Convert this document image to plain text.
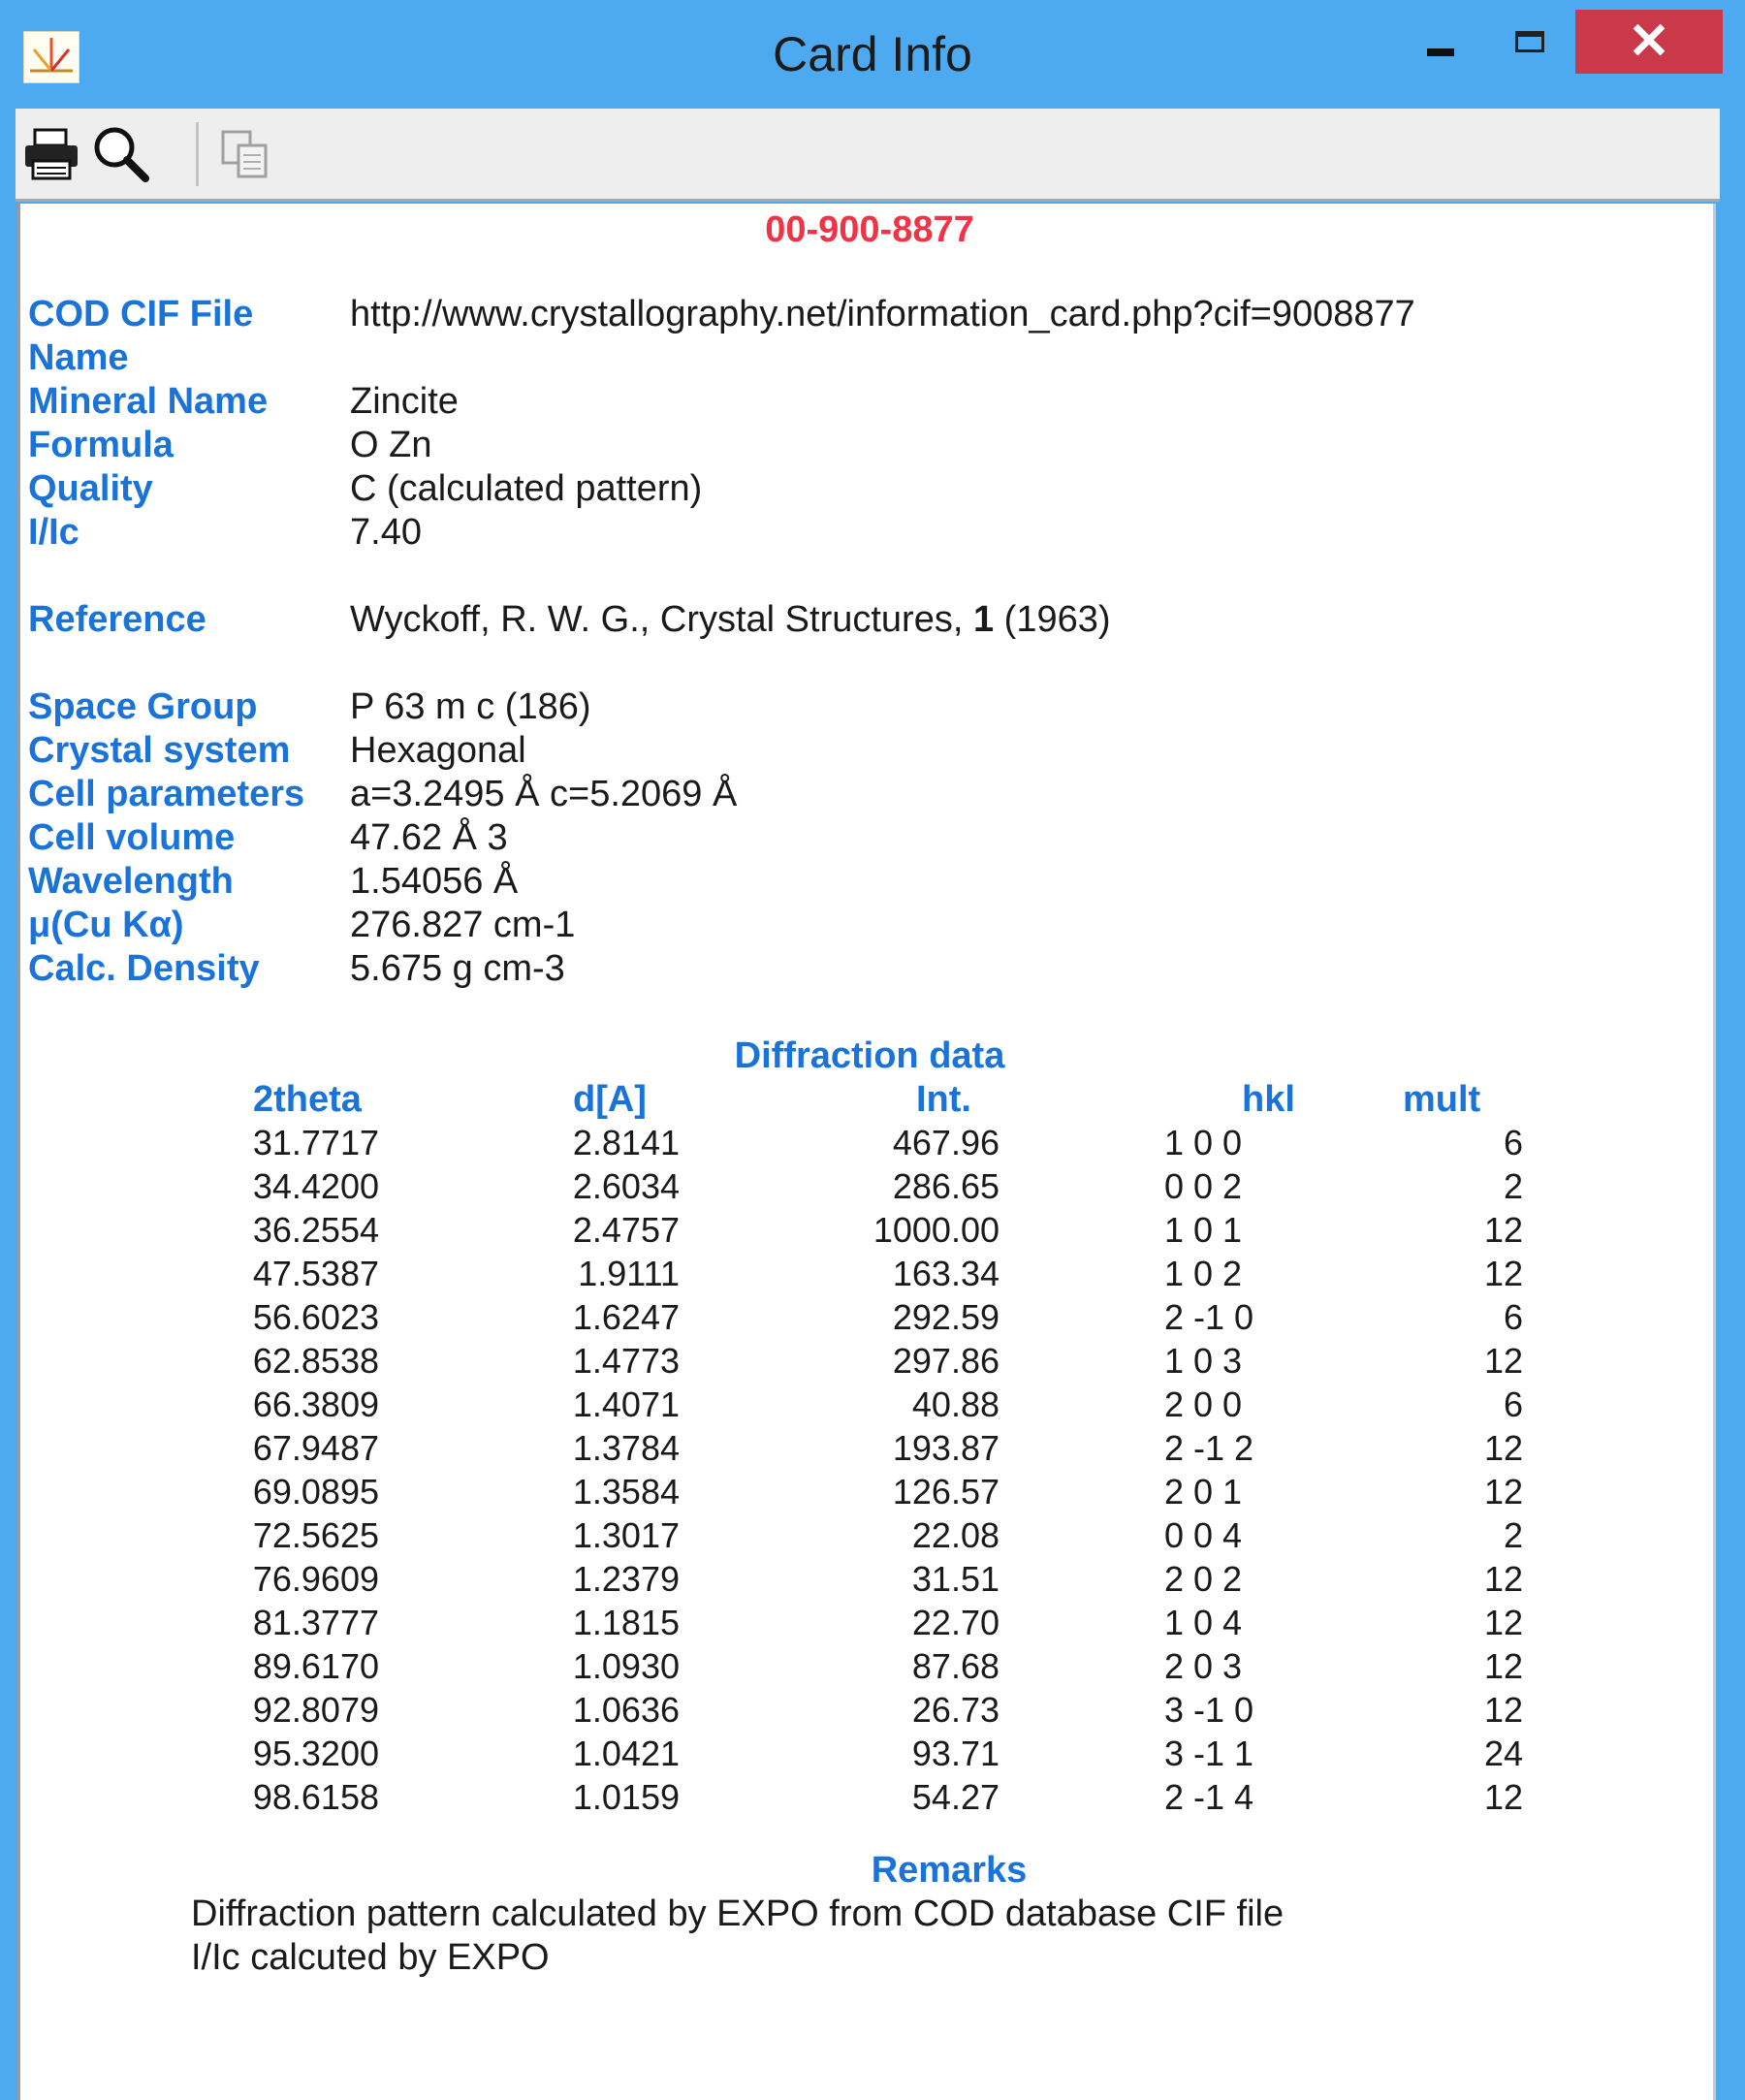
Card Info	✕
00-900-8877
COD CIF File	http://www.crystallography.net/information_card.php?cif=9008877
Name
Mineral Name Zincite
Formula	O Zn
Quality	C (calculated pattern)
I/Ic	7.40
Reference	Wyckoff, R. W. G., Crystal Structures, 1 (1963)
Space Group	P 63 m c (186)
Crystal system Hexagonal
Cell parameters a=3.2495 Å c=5.2069 Å
Cell volume	47.62 Å 3
Wavelength	1.54056 Å
μ(Cu Kα)	276.827 cm-1
Calc. Density 5.675 g cm-3
Diffraction data
2theta	d[A]	Int.	hkl	mult
31.7717	2.8141	467.96	1 0 0	6
34.4200	2.6034	286.65	0 0 2	2
36.2554	2.4757	1000.00	1 0 1	12
47.5387	1.9111	163.34	1 0 2	12
56.6023	1.6247	292.59	2 -1 0	6
62.8538	1.4773	297.86	1 0 3	12
66.3809	1.4071	40.88	2 0 0	6
67.9487	1.3784	193.87	2 -1 2	12
69.0895	1.3584	126.57	2 0 1	12
72.5625	1.3017	22.08	0 0 4	2
76.9609	1.2379	31.51	2 0 2	12
81.3777	1.1815	22.70	1 0 4	12
89.6170	1.0930	87.68	2 0 3	12
92.8079	1.0636	26.73	3 -1 0	12
95.3200	1.0421	93.71	3 -1 1	24
98.6158	1.0159	54.27	2 -1 4	12
Remarks
Diffraction pattern calculated by EXPO from COD database CIF file
I/Ic calcuted by EXPO
